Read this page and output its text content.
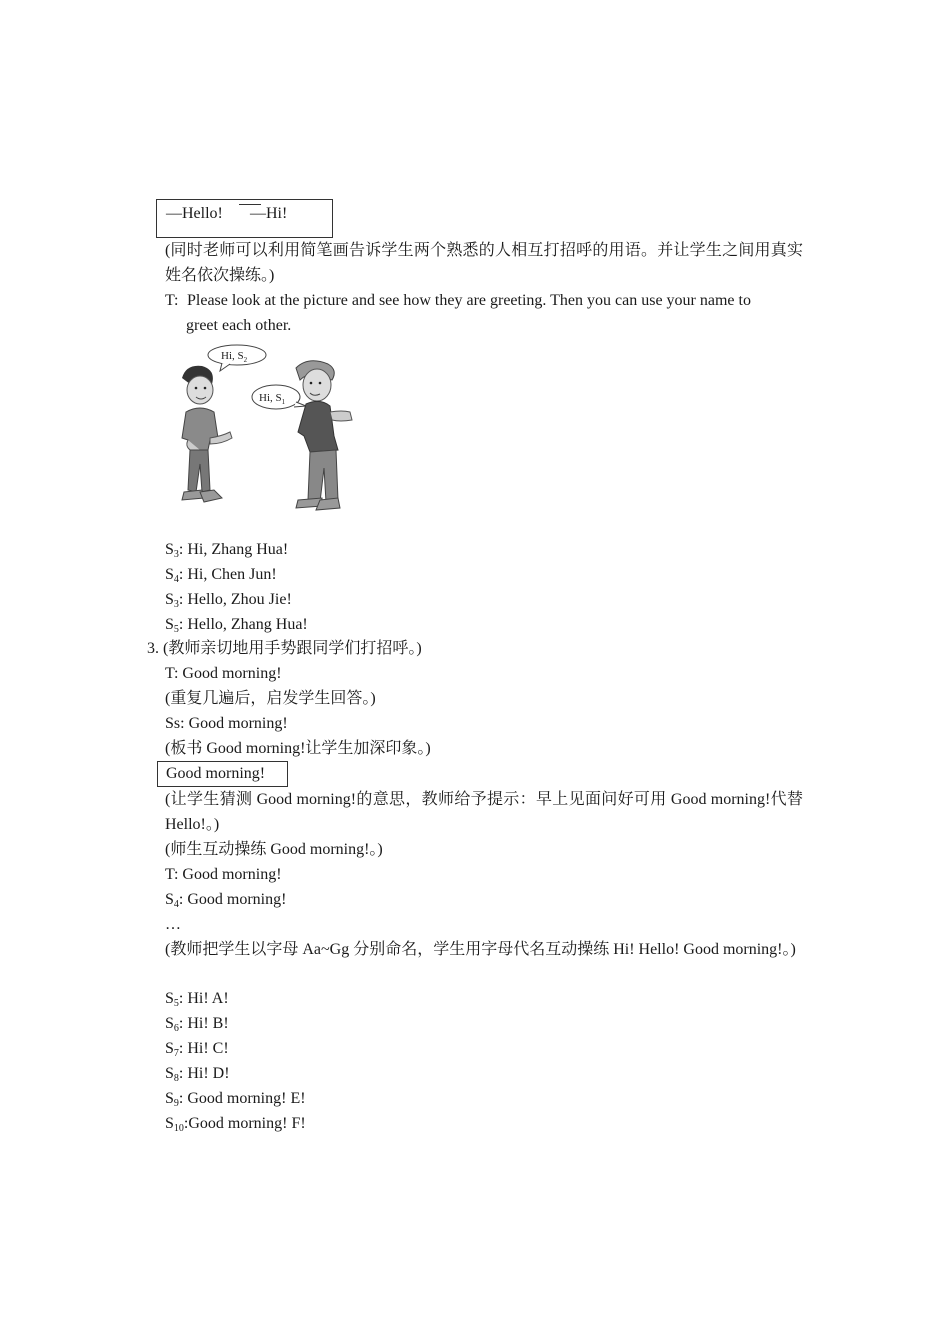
—Hello! —Hi!
(同时老师可以利用简笔画告诉学生两个熟悉的人相互打招呼的用语。并让学生之间用真实姓名依次操练。)
T: Please look at the picture and see how they are greeting. Then you can use your name to
greet each other.
Hi, $S_2$
Hi, $S_1$
$S_3$: Hi, Zhang Hua!
$S_4$: Hi, Chen Jun!
$S_3$: Hello, Zhou Jie!
$S_5$: Hello, Zhang Hua!
3. (教师亲切地用手势跟同学们打招呼。)
T: Good morning!
(重复几遍后，启发学生回答。)
Ss: Good morning!
(板书 Good morning!让学生加深印象。)
Good morning!
(让学生猜测 Good morning!的意思，教师给予提示：早上见面问好可用 Good morning!代替 Hello!。)
(师生互动操练 Good morning!。)
T: Good morning!
$S_4$: Good morning!
…
(教师把学生以字母 Aa~Gg 分别命名，学生用字母代名互动操练 Hi! Hello! Good morning!。)
$S_5$: Hi! A!
$S_6$: Hi! B!
$S_7$: Hi! C!
$S_8$: Hi! D!
$S_9$: Good morning! E!
$S_{10}:Good$ morning! F!
